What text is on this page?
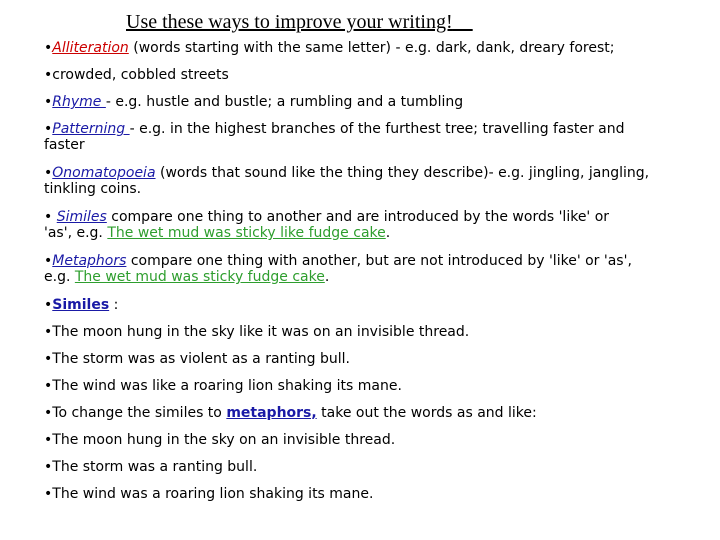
Use these ways to improve your writing!
•Alliteration (words starting with the same letter) - e.g. dark, dank, dreary forest;
•crowded, cobbled streets
•Rhyme - e.g. hustle and bustle; a rumbling and a tumbling
•Patterning - e.g. in the highest branches of the furthest tree; travelling faster and
faster
•Onomatopoeia (words that sound like the thing they describe)- e.g. jingling, jangling,
tinkling coins.
• Similes compare one thing to another and are introduced by the words 'like' or
'as', e.g. The wet mud was sticky like fudge cake.
•Metaphors compare one thing with another, but are not introduced by 'like' or 'as',
e.g. The wet mud was sticky fudge cake.
•Similes :
•The moon hung in the sky like it was on an invisible thread.
•The storm was as violent as a ranting bull.
•The wind was like a roaring lion shaking its mane.
•To change the similes to metaphors, take out the words as and like:
•The moon hung in the sky on an invisible thread.
•The storm was a ranting bull.
•The wind was a roaring lion shaking its mane.
